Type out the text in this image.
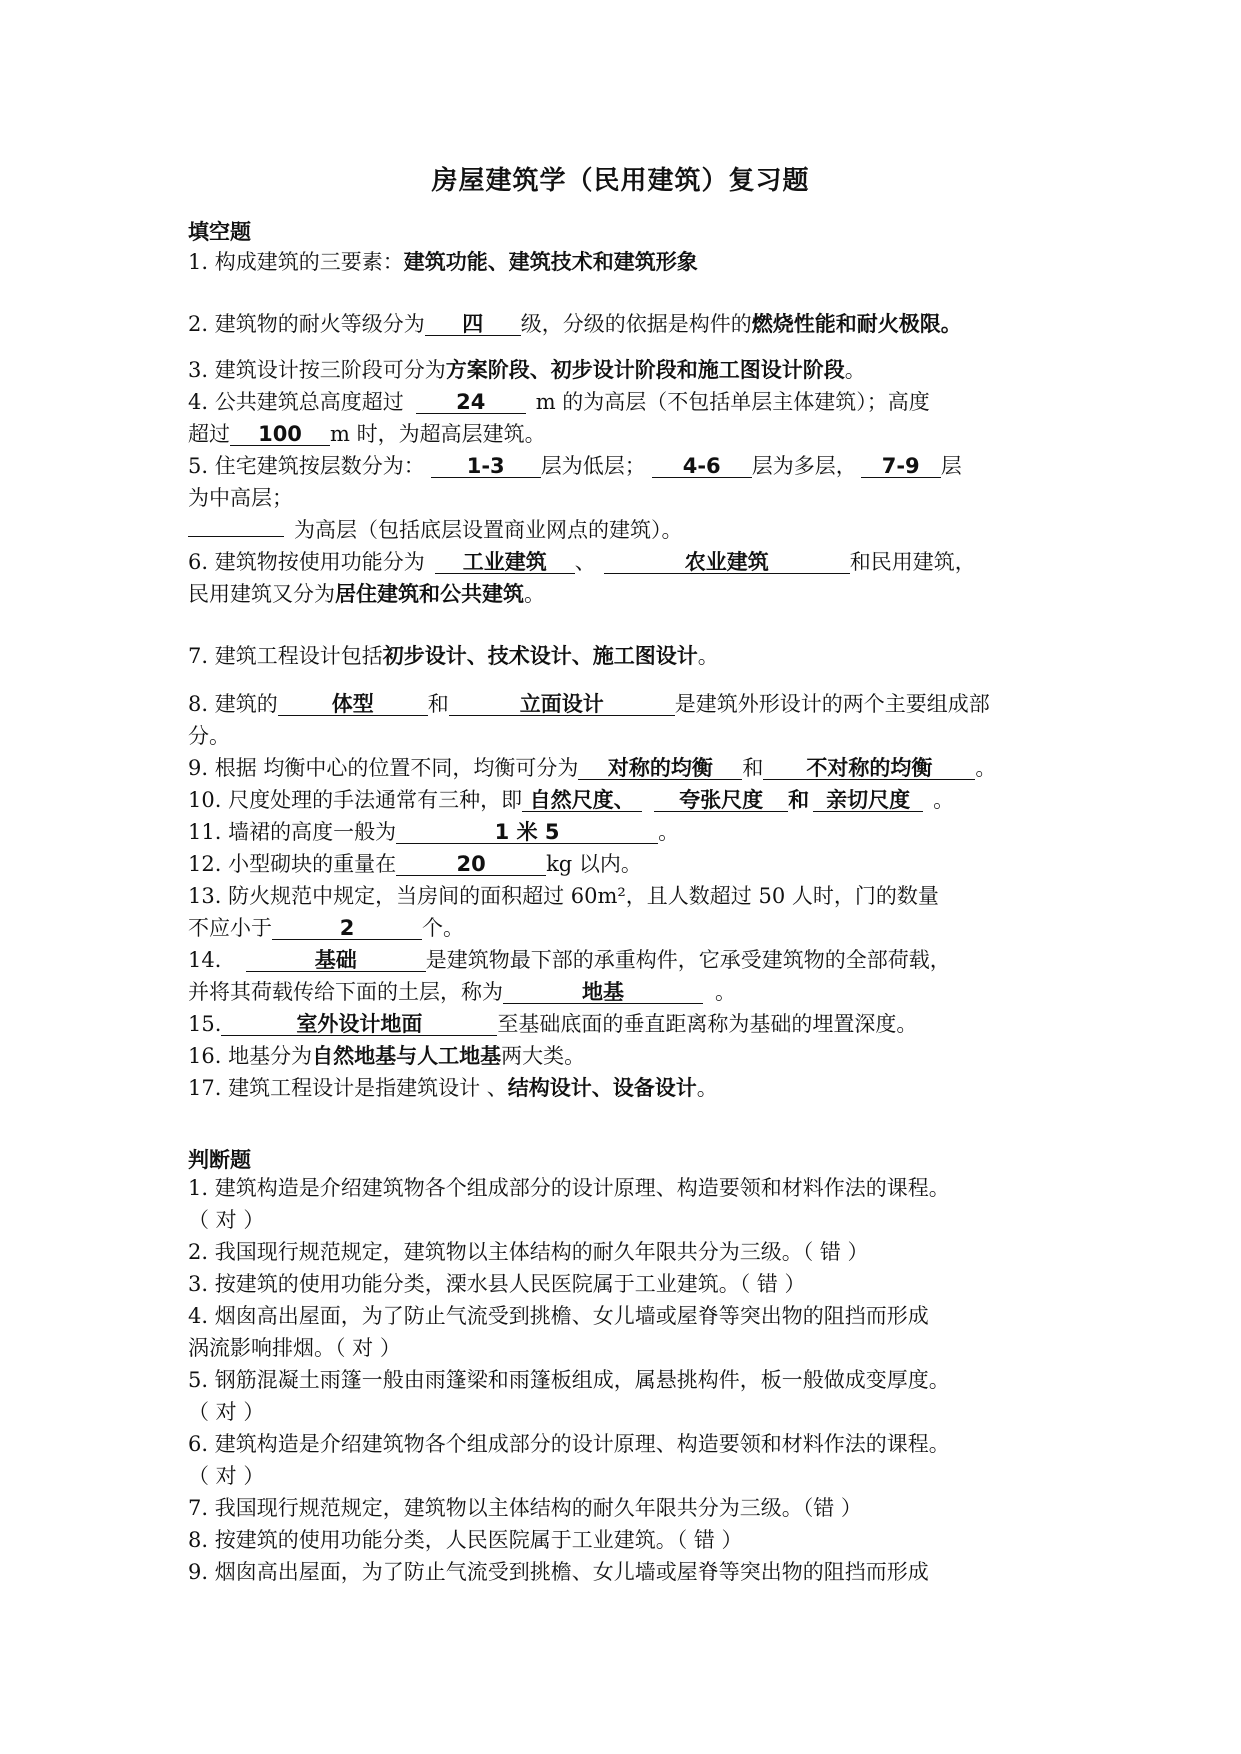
房屋建筑学（民用建筑）复习题
填空题
1. 构成建筑的三要素：建筑功能、建筑技术和建筑形象
2. 建筑物的耐火等级分为 四 级，分级的依据是构件的燃烧性能和耐火极限。
3. 建筑设计按三阶段可分为方案阶段、初步设计阶段和施工图设计阶段。
4. 公共建筑总高度超过 24 m 的为高层（不包括单层主体建筑）；高度
超过 100 m 时，为超高层建筑。
5. 住宅建筑按层数分为： 1-3 层为低层； 4-6 层为多层， 7-9 层
为中高层；
为高层（包括底层设置商业网点的建筑）。
6. 建筑物按使用功能分为 工业建筑 、	农业建筑	和民用建筑，
民用建筑又分为居住建筑和公共建筑。
7. 建筑工程设计包括初步设计、技术设计、施工图设计。
8. 建筑的	体型	和	立面设计	是建筑外形设计的两个主要组成部
分。
9. 根据 均衡中心的位置不同，均衡可分为 对称的均衡 和 不对称的均衡 。
10. 尺度处理的手法通常有三种，即 自然尺度、 夸张尺度 和 亲切尺度 。
11. 墙裙的高度一般为	1 米 5	。
12. 小型砌块的重量在	20	kg 以内。
13. 防火规范中规定，当房间的面积超过 60m²，且人数超过 50 人时，门的数量
不应小于	2	个。
14．	基础	是建筑物最下部的承重构件，它承受建筑物的全部荷载，
并将其荷载传给下面的土层，称为	地基	。
15.	室外设计地面	至基础底面的垂直距离称为基础的埋置深度。
16. 地基分为自然地基与人工地基两大类。
17. 建筑工程设计是指建筑设计 、结构设计、设备设计。
判断题
1. 建筑构造是介绍建筑物各个组成部分的设计原理、构造要领和材料作法的课程。
（ 对 ）
2. 我国现行规范规定，建筑物以主体结构的耐久年限共分为三级。（ 错 ）
3. 按建筑的使用功能分类，溧水县人民医院属于工业建筑。（ 错 ）
4. 烟囱高出屋面，为了防止气流受到挑檐、女儿墙或屋脊等突出物的阻挡而形成
涡流影响排烟。（ 对 ）
5. 钢筋混凝土雨篷一般由雨篷梁和雨篷板组成，属悬挑构件，板一般做成变厚度。
（ 对 ）
6. 建筑构造是介绍建筑物各个组成部分的设计原理、构造要领和材料作法的课程。
（ 对 ）
7. 我国现行规范规定，建筑物以主体结构的耐久年限共分为三级。（错 ）
8. 按建筑的使用功能分类，人民医院属于工业建筑。（ 错 ）
9. 烟囱高出屋面，为了防止气流受到挑檐、女儿墙或屋脊等突出物的阻挡而形成
